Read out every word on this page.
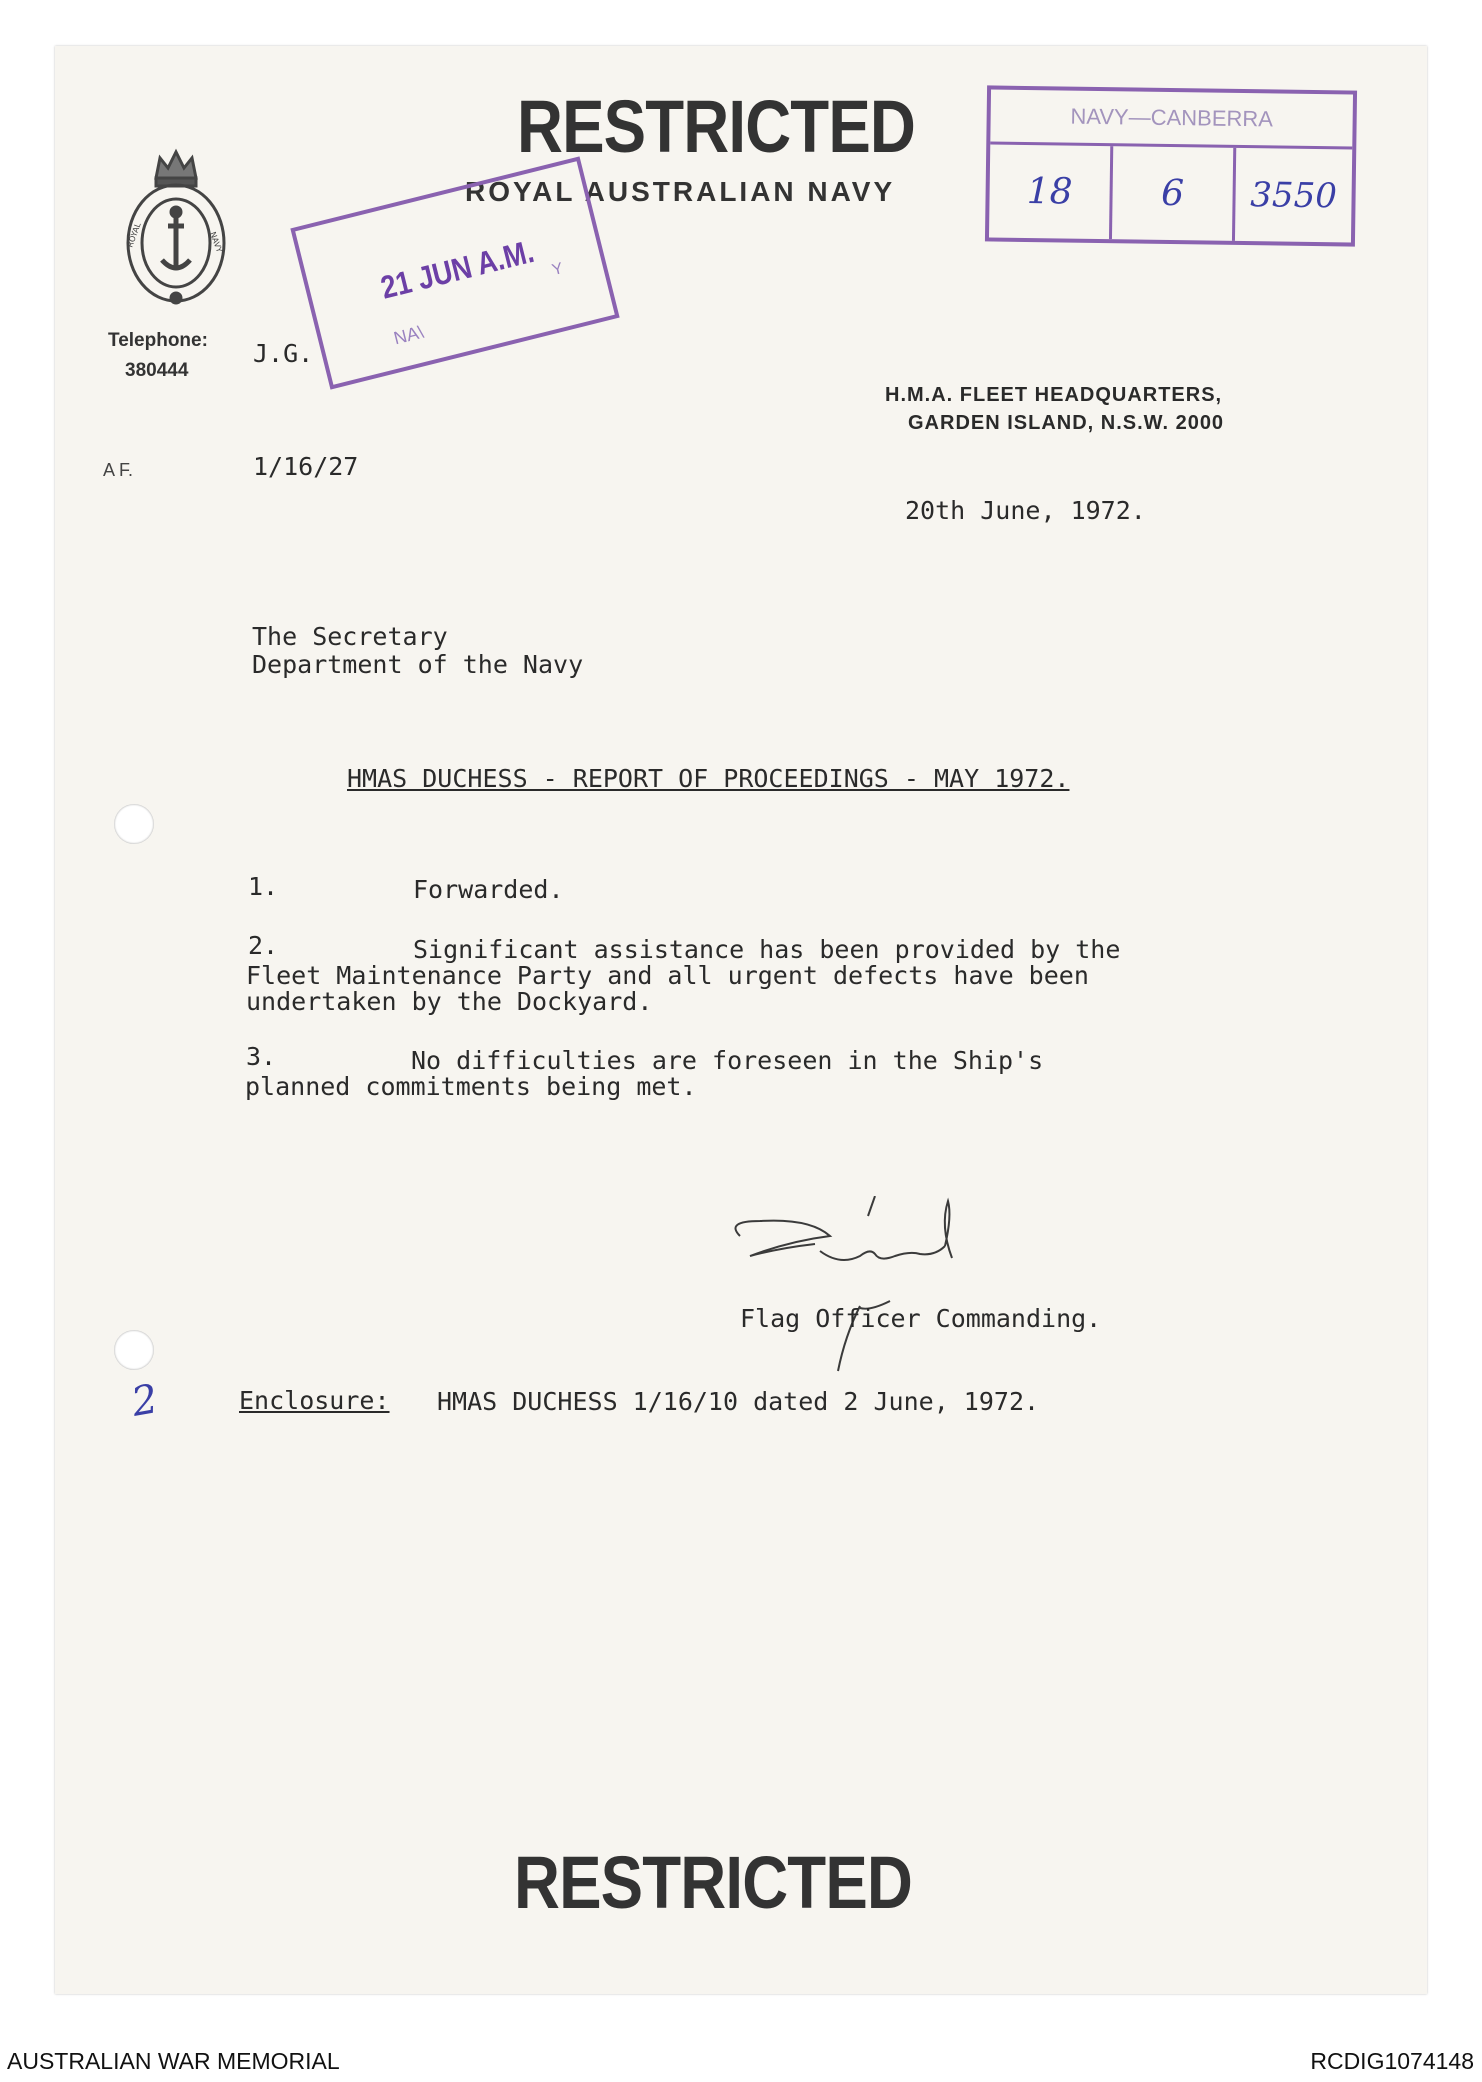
RESTRICTED
ROYAL AUSTRALIAN NAVY
ROYAL	NAVY
Telephone:
380444
J.G.
21 JUN A.M.
NA\
Y
NAVY—CANBERRA
18 6 3550
H.M.A. FLEET HEADQUARTERS,
GARDEN ISLAND, N.S.W. 2000
A F.	1/16/27
20th June, 1972.
The Secretary
Department of the Navy
HMAS DUCHESS - REPORT OF PROCEEDINGS - MAY 1972.
1.	Forwarded.
2.	Significant assistance has been provided by the
Fleet Maintenance Party and all urgent defects have been
undertaken by the Dockyard.
3.	No difficulties are foreseen in the Ship's
planned commitments being met.
Flag Officer Commanding.
Enclosure: HMAS DUCHESS 1/16/10 dated 2 June, 1972.
2
RESTRICTED
AUSTRALIAN WAR MEMORIAL	RCDIG1074148
